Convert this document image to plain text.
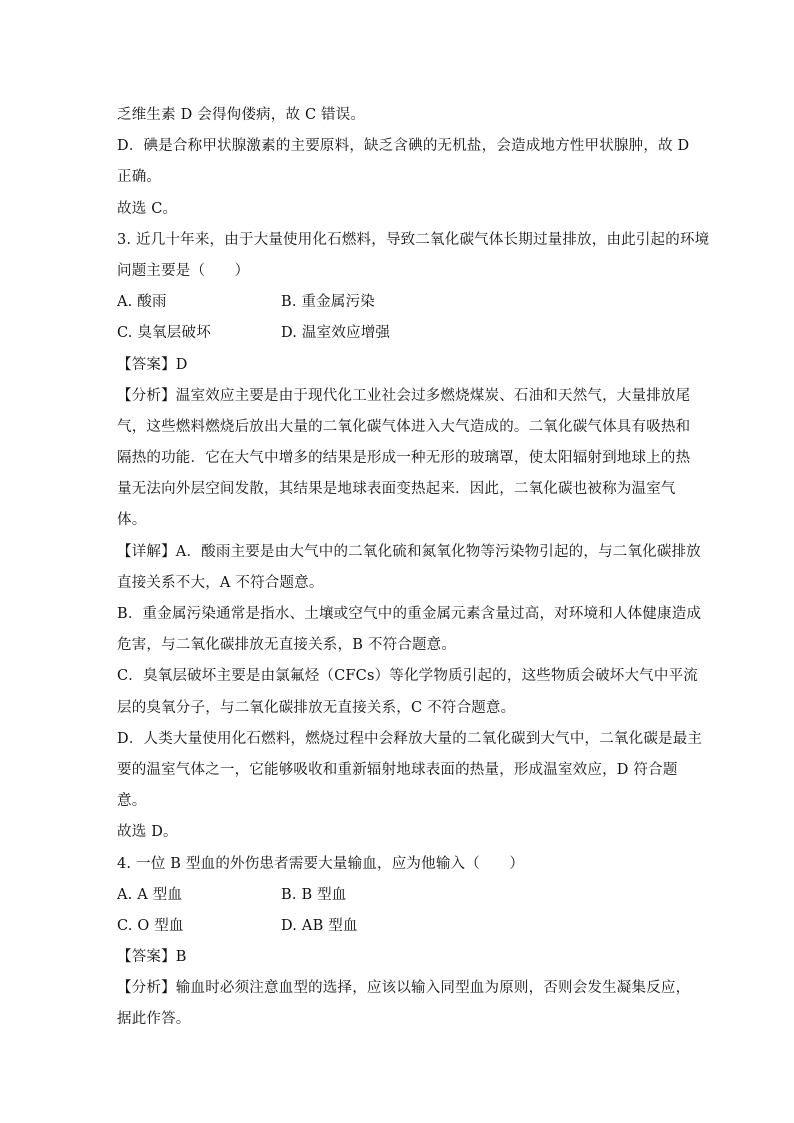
乏维生素 D 会得佝偻病，故 C 错误。
D．碘是合称甲状腺激素的主要原料，缺乏含碘的无机盐，会造成地方性甲状腺肿，故 D
正确。
故选 C。
3. 近几十年来，由于大量使用化石燃料，导致二氧化碳气体长期过量排放，由此引起的环境
问题主要是（　　）
A. 酸雨	B. 重金属污染
C. 臭氧层破坏	D. 温室效应增强
【答案】D
【分析】温室效应主要是由于现代化工业社会过多燃烧煤炭、石油和天然气，大量排放尾
气，这些燃料燃烧后放出大量的二氧化碳气体进入大气造成的。二氧化碳气体具有吸热和
隔热的功能．它在大气中增多的结果是形成一种无形的玻璃罩，使太阳辐射到地球上的热
量无法向外层空间发散，其结果是地球表面变热起来．因此，二氧化碳也被称为温室气
体。
【详解】A．酸雨主要是由大气中的二氧化硫和氮氧化物等污染物引起的，与二氧化碳排放
直接关系不大，A 不符合题意。
B．重金属污染通常是指水、土壤或空气中的重金属元素含量过高，对环境和人体健康造成
危害，与二氧化碳排放无直接关系，B 不符合题意。
C．臭氧层破坏主要是由氯氟烃（CFCs）等化学物质引起的，这些物质会破坏大气中平流
层的臭氧分子，与二氧化碳排放无直接关系，C 不符合题意。
D．人类大量使用化石燃料，燃烧过程中会释放大量的二氧化碳到大气中，二氧化碳是最主
要的温室气体之一，它能够吸收和重新辐射地球表面的热量，形成温室效应，D 符合题
意。
故选 D。
4. 一位 B 型血的外伤患者需要大量输血，应为他输入（　　）
A. A 型血	B. B 型血
C. O 型血	D. AB 型血
【答案】B
【分析】输血时必须注意血型的选择，应该以输入同型血为原则，否则会发生凝集反应，
据此作答。
